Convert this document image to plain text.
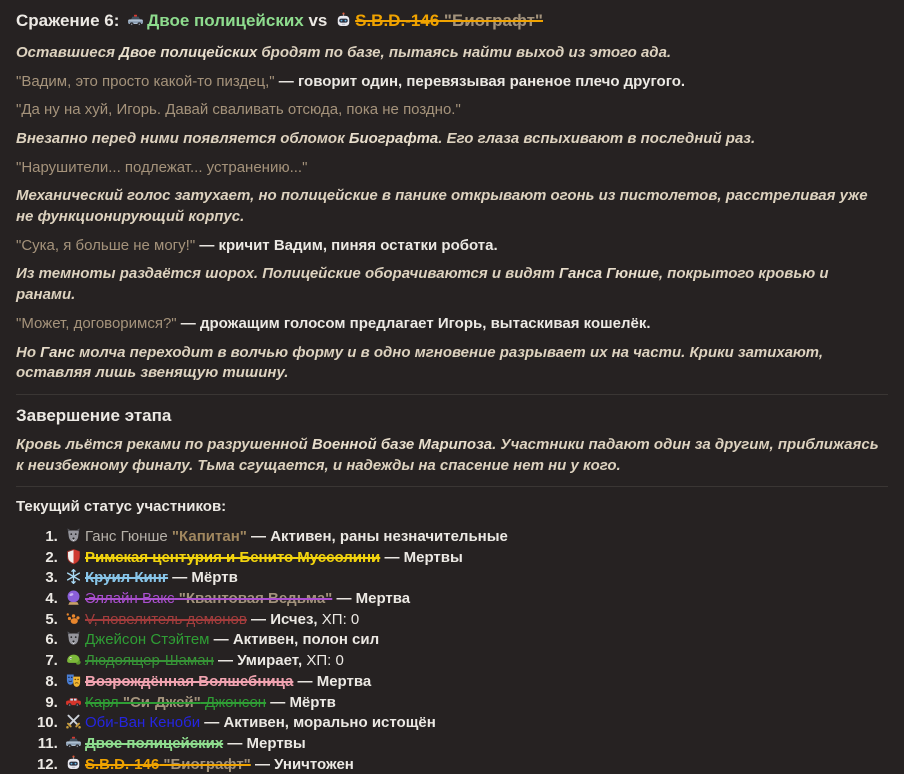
Сражение 6:
Двое полицейских vs
S.B.D.-146 "Биографт"

Оставшиеся Двое полицейских бродят по базе, пытаясь найти выход из этого ада.

"Вадим, это просто какой-то пиздец," — говорит один, перевязывая раненое плечо другого.

"Да ну на хуй, Игорь. Давай сваливать отсюда, пока не поздно."

Внезапно перед ними появляется обломок Биографта. Его глаза вспыхивают в последний раз.

"Нарушители... подлежат... устранению..."

Механический голос затухает, но полицейские в панике открывают огонь из пистолетов, расстреливая уже не функционирующий корпус.

"Сука, я больше не могу!" — кричит Вадим, пиняя остатки робота.

Из темноты раздаётся шорох. Полицейские оборачиваются и видят Ганса Гюнше, покрытого кровью и ранами.

"Может, договоримся?" — дрожащим голосом предлагает Игорь, вытаскивая кошелёк.

Но Ганс молча переходит в волчью форму и в одно мгновение разрывает их на части. Крики затихают, оставляя лишь звенящую тишину.

Завершение этапа

Кровь льётся реками по разрушенной Военной базе Марипоза. Участники падают один за другим, приближаясь к неизбежному финалу. Тьма сгущается, и надежды на спасение нет ни у кого.

Текущий статус участников:

1. Ганс Гюнше "Капитан" — Активен, раны незначительные
2. Римская центурия и Бенито Муссолини — Мертвы
3. Круил Кинг — Мёртв
4. Эллайн Вакс "Квантовая Ведьма" — Мертва
5. V, повелитель демонов — Исчез, ХП: 0
6. Джейсон Стэйтем — Активен, полон сил
7. Людоящер-Шаман — Умирает, ХП: 0
8. Возрождённая Волшебница — Мертва
9. Карл "Си-Джей" Джонсон — Мёртв
10. Оби-Ван Кеноби — Активен, морально истощён
11. Двое полицейских — Мертвы
12. S.B.D.-146 "Биографт" — Уничтожен
